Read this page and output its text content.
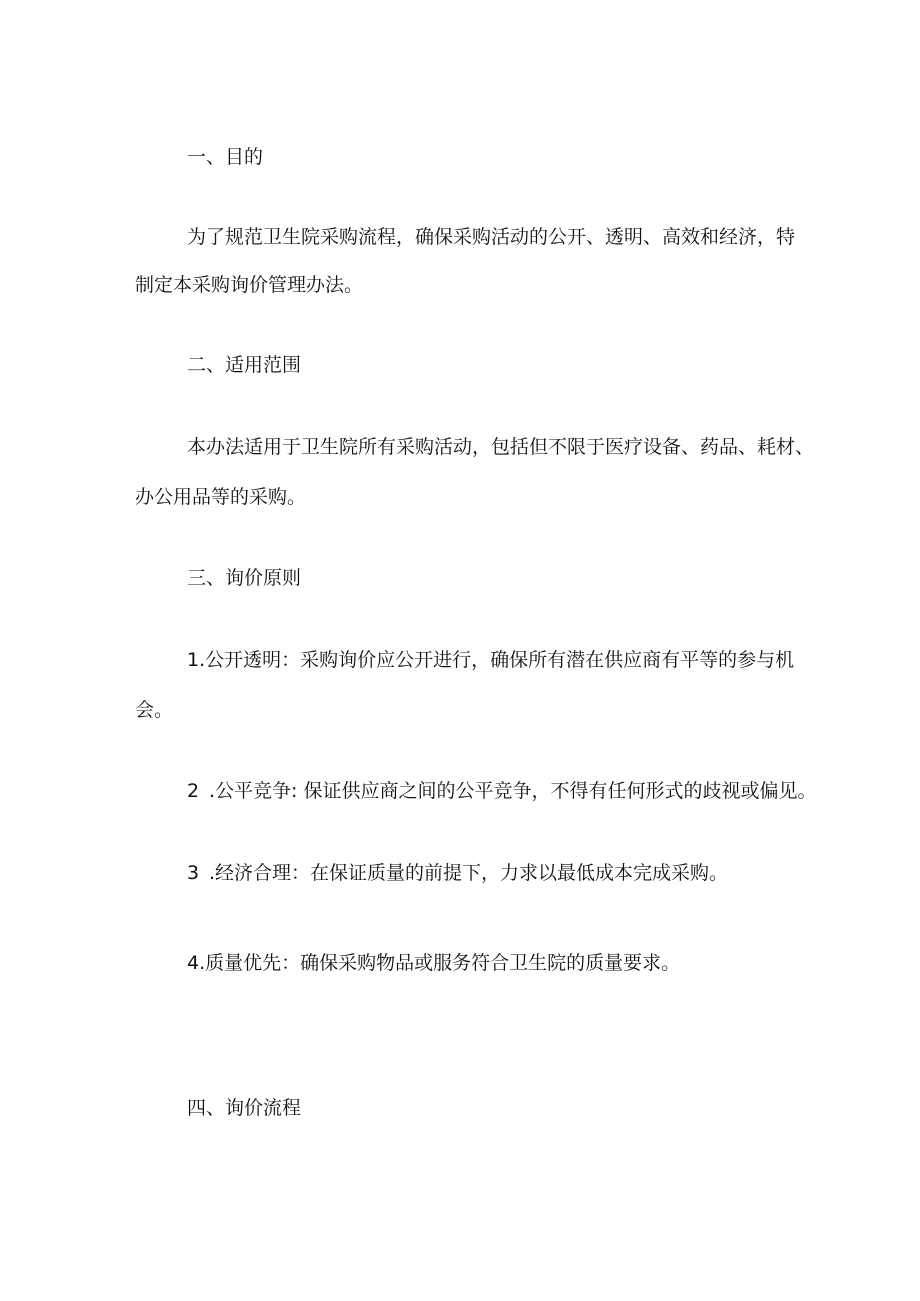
一、目的
为了规范卫生院采购流程，确保采购活动的公开、透明、高效和经济，特
制定本采购询价管理办法。
二、适用范围
本办法适用于卫生院所有采购活动，包括但不限于医疗设备、药品、耗材、
办公用品等的采购。
三、询价原则
1.公开透明：采购询价应公开进行，确保所有潜在供应商有平等的参与机
会。
2 .公平竞争: 保证供应商之间的公平竞争，不得有任何形式的歧视或偏见。
3 .经济合理：在保证质量的前提下，力求以最低成本完成采购。
4.质量优先：确保采购物品或服务符合卫生院的质量要求。
四、询价流程
